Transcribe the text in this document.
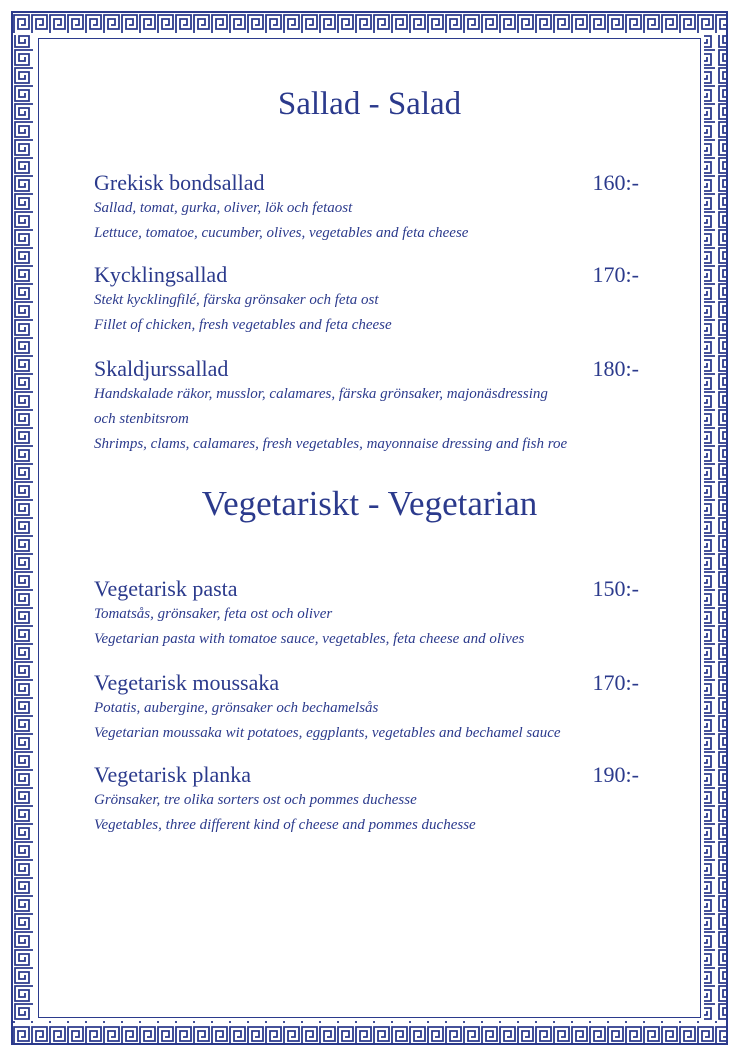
Sallad - Salad
Grekisk bondsallad	160:-
Sallad, tomat, gurka, oliver, lök och fetaost
Lettuce, tomatoe, cucumber, olives, vegetables and feta cheese
Kycklingsallad	170:-
Stekt kycklingfilé, färska grönsaker och feta ost
Fillet of chicken, fresh vegetables and feta cheese
Skaldjurssallad	180:-
Handskalade räkor, musslor, calamares, färska grönsaker, majonäsdressing
och stenbitsrom
Shrimps, clams, calamares, fresh vegetables, mayonnaise dressing and fish roe
Vegetariskt - Vegetarian
Vegetarisk pasta	150:-
Tomatsås, grönsaker, feta ost och oliver
Vegetarian pasta with tomatoe sauce, vegetables, feta cheese and olives
Vegetarisk moussaka	170:-
Potatis, aubergine, grönsaker och bechamelsås
Vegetarian moussaka wit potatoes, eggplants, vegetables and bechamel sauce
Vegetarisk planka	190:-
Grönsaker, tre olika sorters ost och pommes duchesse
Vegetables, three different kind of cheese and pommes duchesse
